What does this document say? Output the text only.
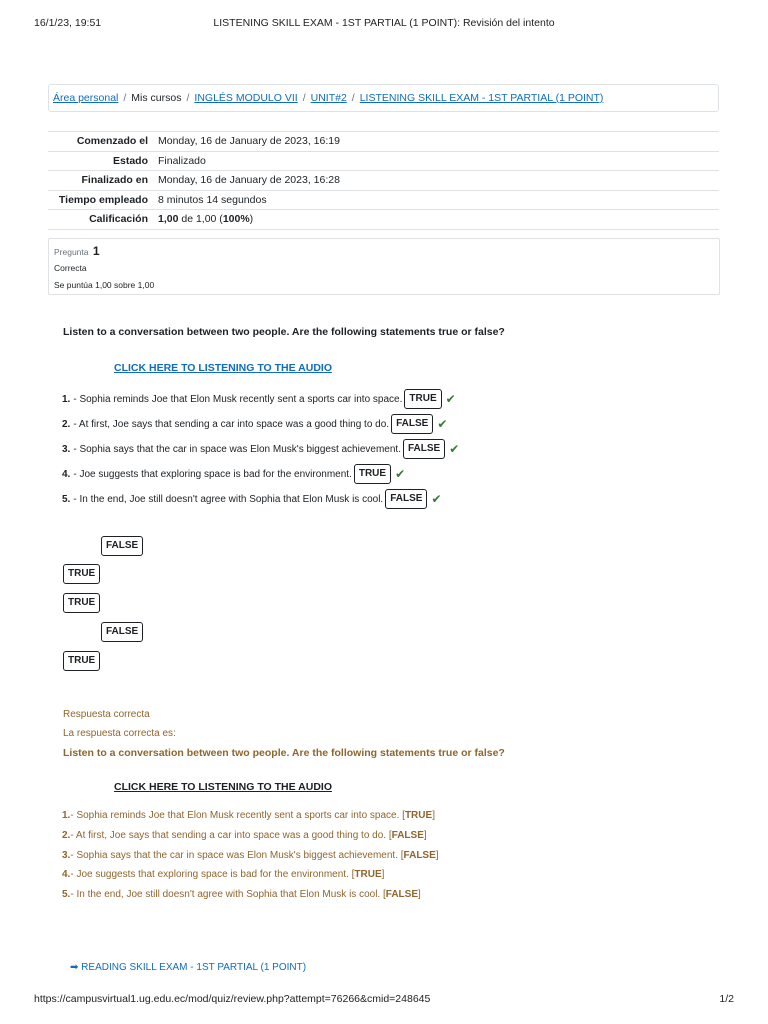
16/1/23, 19:51	LISTENING SKILL EXAM - 1ST PARTIAL (1 POINT): Revisión del intento
Área personal / Mis cursos / INGLÉS MODULO VII / UNIT#2 / LISTENING SKILL EXAM - 1ST PARTIAL (1 POINT)
Comenzado el	Monday, 16 de January de 2023, 16:19
Estado	Finalizado
Finalizado en	Monday, 16 de January de 2023, 16:28
Tiempo empleado	8 minutos 14 segundos
Calificación	1,00 de 1,00 (100%)
Pregunta 1
Correcta
Se puntúa 1,00 sobre 1,00
Listen to a conversation between two people. Are the following statements true or false?
CLICK HERE TO LISTENING TO THE AUDIO
1. - Sophia reminds Joe that Elon Musk recently sent a sports car into space. TRUE ✔
2. - At first, Joe says that sending a car into space was a good thing to do. FALSE ✔
3. - Sophia says that the car in space was Elon Musk's biggest achievement. FALSE ✔
4. - Joe suggests that exploring space is bad for the environment. TRUE ✔
5. - In the end, Joe still doesn't agree with Sophia that Elon Musk is cool. FALSE ✔
FALSE
TRUE
TRUE
FALSE
TRUE
Respuesta correcta
La respuesta correcta es:
Listen to a conversation between two people. Are the following statements true or false?
CLICK HERE TO LISTENING TO THE AUDIO
1.- Sophia reminds Joe that Elon Musk recently sent a sports car into space. [TRUE]
2.- At first, Joe says that sending a car into space was a good thing to do. [FALSE]
3.- Sophia says that the car in space was Elon Musk's biggest achievement. [FALSE]
4.- Joe suggests that exploring space is bad for the environment. [TRUE]
5.- In the end, Joe still doesn't agree with Sophia that Elon Musk is cool. [FALSE]
➡ READING SKILL EXAM - 1ST PARTIAL (1 POINT)
https://campusvirtual1.ug.edu.ec/mod/quiz/review.php?attempt=76266&cmid=248645	1/2
